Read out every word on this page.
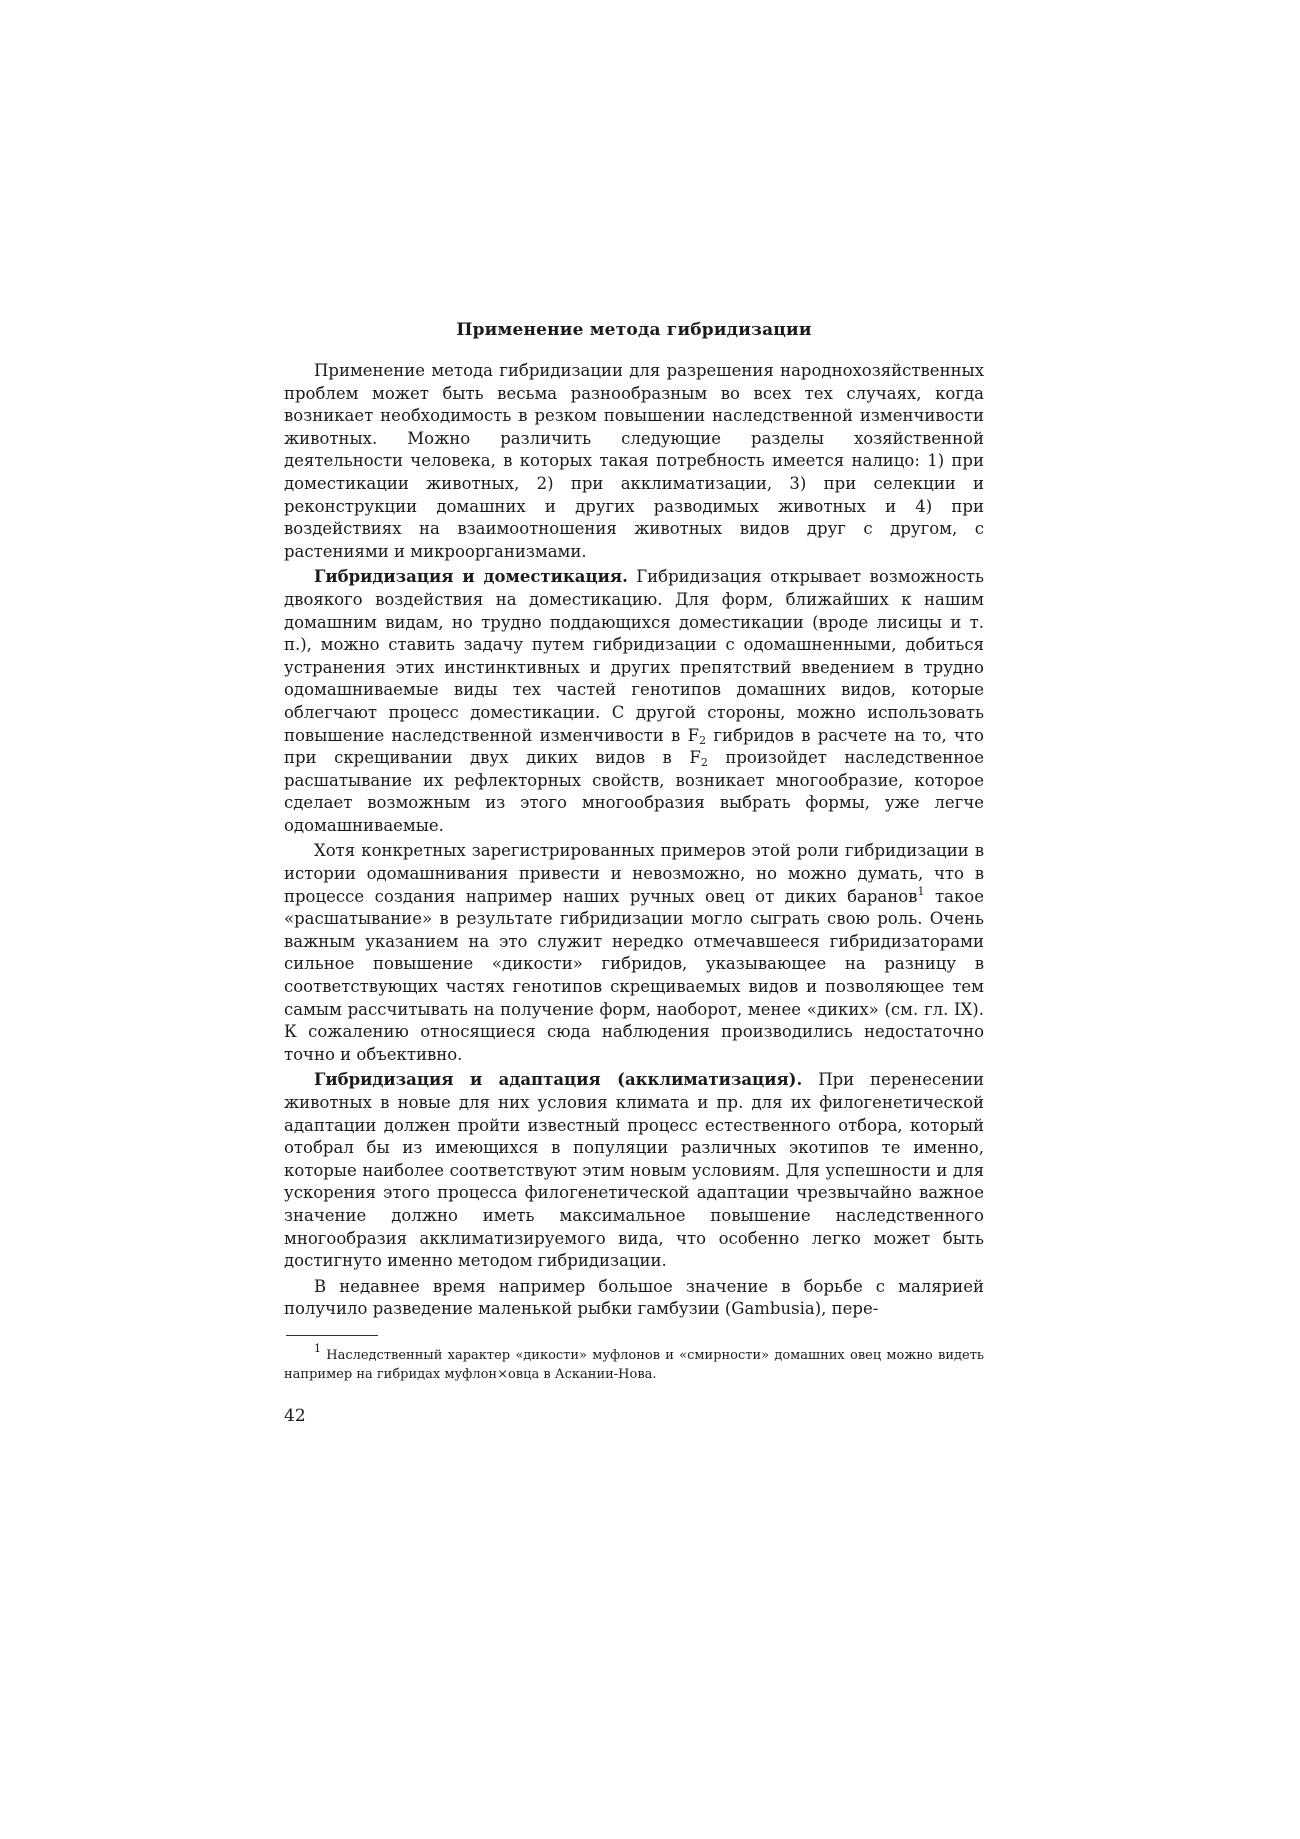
Применение метода гибридизации

Применение метода гибридизации для разрешения народнохозяйственных проблем может быть весьма разнообразным во всех тех случаях, когда возникает необходимость в резком повышении наследственной изменчивости животных. Можно различить следующие разделы хозяйственной деятельности человека, в которых такая потребность имеется налицо: 1) при доместикации животных, 2) при акклиматизации, 3) при селекции и реконструкции домашних и других разводимых животных и 4) при воздействиях на взаимоотношения животных видов друг с другом, с растениями и микроорганизмами.

Гибридизация и доместикация. Гибридизация открывает возможность двоякого воздействия на доместикацию. Для форм, ближайших к нашим домашним видам, но трудно поддающихся доместикации (вроде лисицы и т. п.), можно ставить задачу путем гибридизации с одомашненными, добиться устранения этих инстинктивных и других препятствий введением в трудно одомашниваемые виды тех частей генотипов домашних видов, которые облегчают процесс доместикации. С другой стороны, можно использовать повышение наследственной изменчивости в $F_2$ гибридов в расчете на то, что при скрещивании двух диких видов в $F_2$ произойдет наследственное расшатывание их рефлекторных свойств, возникает многообразие, которое сделает возможным из этого многообразия выбрать формы, уже легче одомашниваемые.

Хотя конкретных зарегистрированных примеров этой роли гибридизации в истории одомашнивания привести и невозможно, но можно думать, что в процессе создания например наших ручных овец от диких баранов$^1$ такое «расшатывание» в результате гибридизации могло сыграть свою роль. Очень важным указанием на это служит нередко отмечавшееся гибридизаторами сильное повышение «дикости» гибридов, указывающее на разницу в соответствующих частях генотипов скрещиваемых видов и позволяющее тем самым рассчитывать на получение форм, наоборот, менее «диких» (см. гл. IX). К сожалению относящиеся сюда наблюдения производились недостаточно точно и объективно.

Гибридизация и адаптация (акклиматизация). При перенесении животных в новые для них условия климата и пр. для их филогенетической адаптации должен пройти известный процесс естественного отбора, который отобрал бы из имеющихся в популяции различных экотипов те именно, которые наиболее соответствуют этим новым условиям. Для успешности и для ускорения этого процесса филогенетической адаптации чрезвычайно важное значение должно иметь максимальное повышение наследственного многообразия акклиматизируемого вида, что особенно легко может быть достигнуто именно методом гибридизации.

В недавнее время например большое значение в борьбе с малярией получило разведение маленькой рыбки гамбузии (Gambusia), пере-

$^1$ Наследственный характер «дикости» муфлонов и «смирности» домашних овец можно видеть например на гибридах муфлон×овца в Аскании-Нова.

42
